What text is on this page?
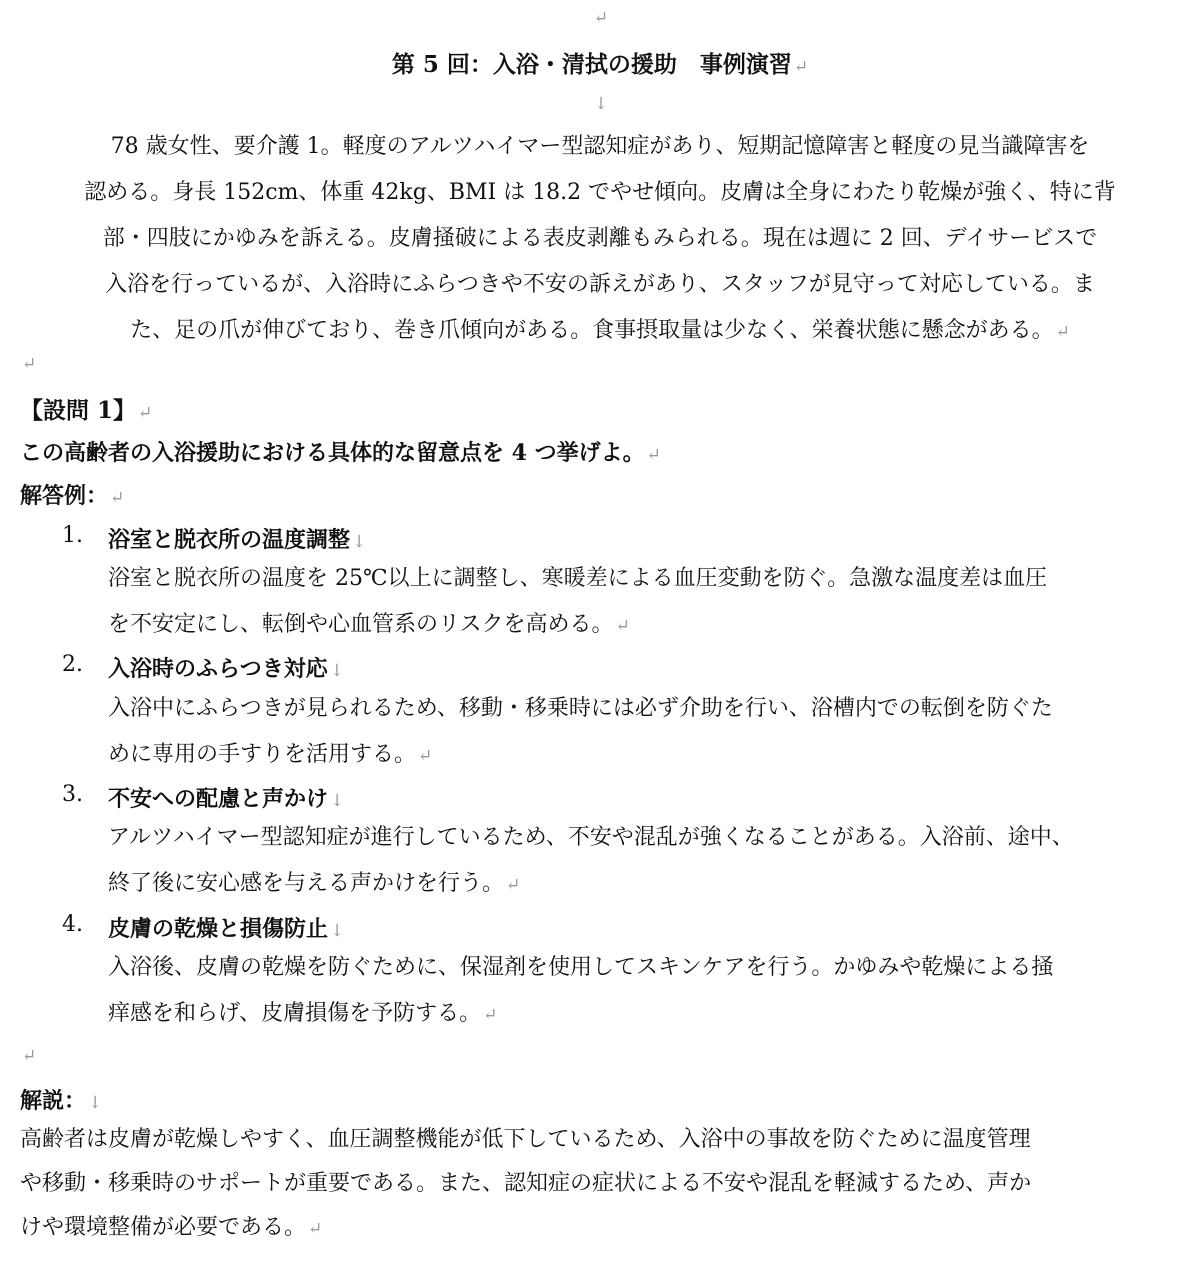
↵
第 5 回：入浴・清拭の援助　事例演習 ↵
↓
78 歳女性、要介護 1。軽度のアルツハイマー型認知症があり、短期記憶障害と軽度の見当識障害を
認める。身長 152cm、体重 42kg、BMI は 18.2 でやせ傾向。皮膚は全身にわたり乾燥が強く、特に背
部・四肢にかゆみを訴える。皮膚掻破による表皮剥離もみられる。現在は週に 2 回、デイサービスで
入浴を行っているが、入浴時にふらつきや不安の訴えがあり、スタッフが見守って対応している。ま
た、足の爪が伸びており、巻き爪傾向がある。食事摂取量は少なく、栄養状態に懸念がある。 ↵
↵
【設問 1】 ↵
この高齢者の入浴援助における具体的な留意点を 4 つ挙げよ。 ↵
解答例： ↵
1. 浴室と脱衣所の温度調整 ↓
浴室と脱衣所の温度を 25℃以上に調整し、寒暖差による血圧変動を防ぐ。急激な温度差は血圧
を不安定にし、転倒や心血管系のリスクを高める。 ↵
2. 入浴時のふらつき対応 ↓
入浴中にふらつきが見られるため、移動・移乗時には必ず介助を行い、浴槽内での転倒を防ぐた
めに専用の手すりを活用する。 ↵
3. 不安への配慮と声かけ ↓
アルツハイマー型認知症が進行しているため、不安や混乱が強くなることがある。入浴前、途中、
終了後に安心感を与える声かけを行う。 ↵
4. 皮膚の乾燥と損傷防止 ↓
入浴後、皮膚の乾燥を防ぐために、保湿剤を使用してスキンケアを行う。かゆみや乾燥による掻
痒感を和らげ、皮膚損傷を予防する。 ↵
↵
解説： ↓
高齢者は皮膚が乾燥しやすく、血圧調整機能が低下しているため、入浴中の事故を防ぐために温度管理
や移動・移乗時のサポートが重要である。また、認知症の症状による不安や混乱を軽減するため、声か
けや環境整備が必要である。 ↵
